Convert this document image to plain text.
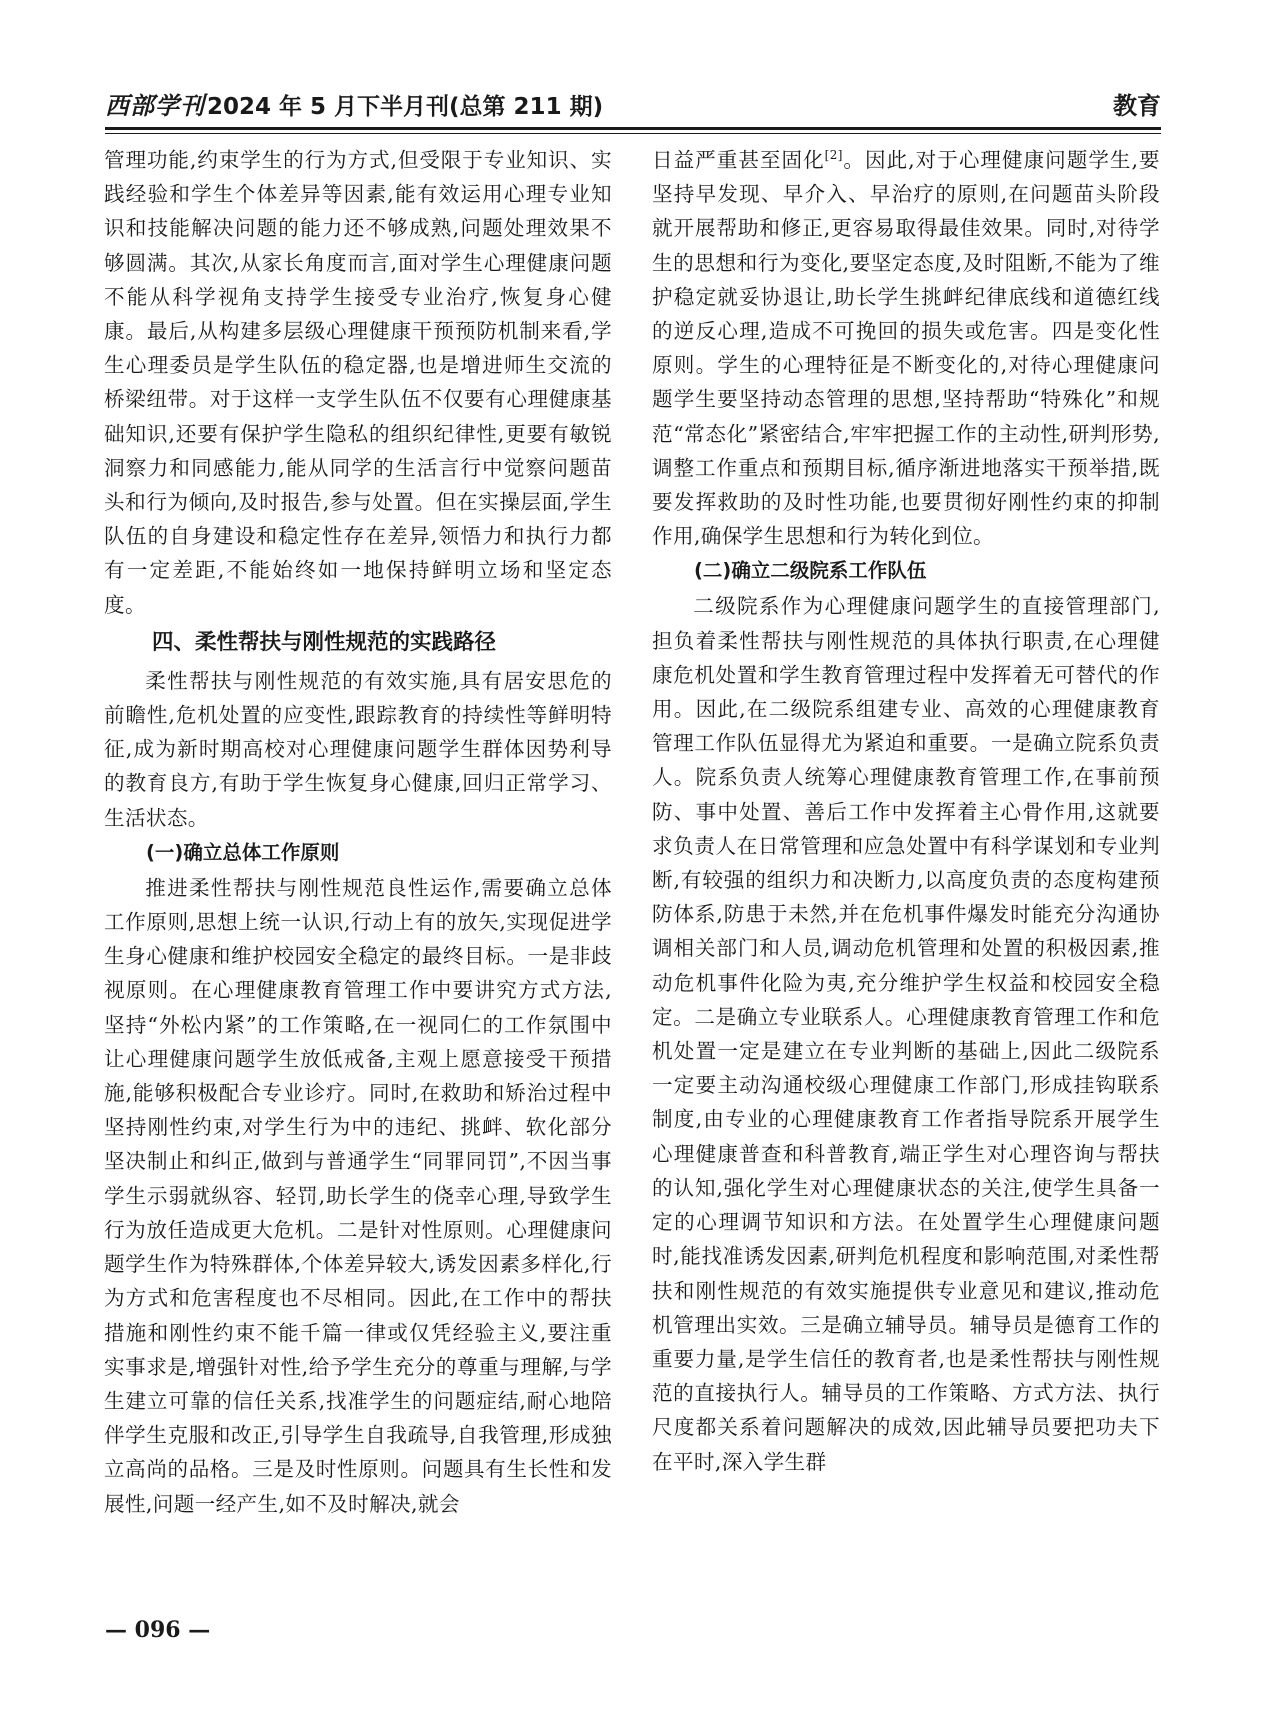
西部学刊2024 年 5 月下半月刊(总第 211 期)	教育

管理功能,约束学生的行为方式,但受限于专业知识、实践经验和学生个体差异等因素,能有效运用心理专业知识和技能解决问题的能力还不够成熟,问题处理效果不够圆满。其次,从家长角度而言,面对学生心理健康问题不能从科学视角支持学生接受专业治疗,恢复身心健康。最后,从构建多层级心理健康干预预防机制来看,学生心理委员是学生队伍的稳定器,也是增进师生交流的桥梁纽带。对于这样一支学生队伍不仅要有心理健康基础知识,还要有保护学生隐私的组织纪律性,更要有敏锐洞察力和同感能力,能从同学的生活言行中觉察问题苗头和行为倾向,及时报告,参与处置。但在实操层面,学生队伍的自身建设和稳定性存在差异,领悟力和执行力都有一定差距,不能始终如一地保持鲜明立场和坚定态度。

四、柔性帮扶与刚性规范的实践路径

柔性帮扶与刚性规范的有效实施,具有居安思危的前瞻性,危机处置的应变性,跟踪教育的持续性等鲜明特征,成为新时期高校对心理健康问题学生群体因势利导的教育良方,有助于学生恢复身心健康,回归正常学习、生活状态。

(一)确立总体工作原则

推进柔性帮扶与刚性规范良性运作,需要确立总体工作原则,思想上统一认识,行动上有的放矢,实现促进学生身心健康和维护校园安全稳定的最终目标。一是非歧视原则。在心理健康教育管理工作中要讲究方式方法,坚持“外松内紧”的工作策略,在一视同仁的工作氛围中让心理健康问题学生放低戒备,主观上愿意接受干预措施,能够积极配合专业诊疗。同时,在救助和矫治过程中坚持刚性约束,对学生行为中的违纪、挑衅、软化部分坚决制止和纠正,做到与普通学生“同罪同罚”,不因当事学生示弱就纵容、轻罚,助长学生的侥幸心理,导致学生行为放任造成更大危机。二是针对性原则。心理健康问题学生作为特殊群体,个体差异较大,诱发因素多样化,行为方式和危害程度也不尽相同。因此,在工作中的帮扶措施和刚性约束不能千篇一律或仅凭经验主义,要注重实事求是,增强针对性,给予学生充分的尊重与理解,与学生建立可靠的信任关系,找准学生的问题症结,耐心地陪伴学生克服和改正,引导学生自我疏导,自我管理,形成独立高尚的品格。三是及时性原则。问题具有生长性和发展性,问题一经产生,如不及时解决,就会

日益严重甚至固化[2]。因此,对于心理健康问题学生,要坚持早发现、早介入、早治疗的原则,在问题苗头阶段就开展帮助和修正,更容易取得最佳效果。同时,对待学生的思想和行为变化,要坚定态度,及时阻断,不能为了维护稳定就妥协退让,助长学生挑衅纪律底线和道德红线的逆反心理,造成不可挽回的损失或危害。四是变化性原则。学生的心理特征是不断变化的,对待心理健康问题学生要坚持动态管理的思想,坚持帮助“特殊化”和规范“常态化”紧密结合,牢牢把握工作的主动性,研判形势,调整工作重点和预期目标,循序渐进地落实干预举措,既要发挥救助的及时性功能,也要贯彻好刚性约束的抑制作用,确保学生思想和行为转化到位。

(二)确立二级院系工作队伍

二级院系作为心理健康问题学生的直接管理部门,担负着柔性帮扶与刚性规范的具体执行职责,在心理健康危机处置和学生教育管理过程中发挥着无可替代的作用。因此,在二级院系组建专业、高效的心理健康教育管理工作队伍显得尤为紧迫和重要。一是确立院系负责人。院系负责人统筹心理健康教育管理工作,在事前预防、事中处置、善后工作中发挥着主心骨作用,这就要求负责人在日常管理和应急处置中有科学谋划和专业判断,有较强的组织力和决断力,以高度负责的态度构建预防体系,防患于未然,并在危机事件爆发时能充分沟通协调相关部门和人员,调动危机管理和处置的积极因素,推动危机事件化险为夷,充分维护学生权益和校园安全稳定。二是确立专业联系人。心理健康教育管理工作和危机处置一定是建立在专业判断的基础上,因此二级院系一定要主动沟通校级心理健康工作部门,形成挂钩联系制度,由专业的心理健康教育工作者指导院系开展学生心理健康普查和科普教育,端正学生对心理咨询与帮扶的认知,强化学生对心理健康状态的关注,使学生具备一定的心理调节知识和方法。在处置学生心理健康问题时,能找准诱发因素,研判危机程度和影响范围,对柔性帮扶和刚性规范的有效实施提供专业意见和建议,推动危机管理出实效。三是确立辅导员。辅导员是德育工作的重要力量,是学生信任的教育者,也是柔性帮扶与刚性规范的直接执行人。辅导员的工作策略、方式方法、执行尺度都关系着问题解决的成效,因此辅导员要把功夫下在平时,深入学生群

— 096 —
